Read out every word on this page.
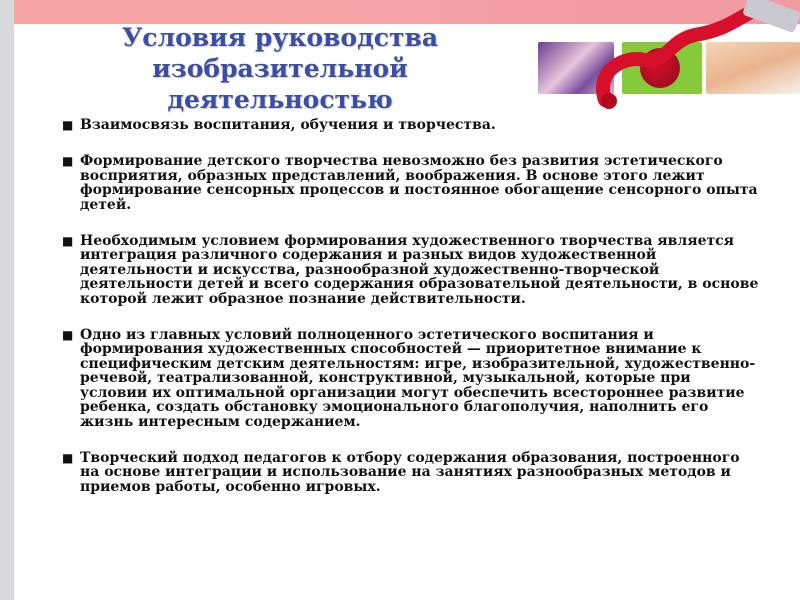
Условия руководства изобразительной деятельностью
■ Взаимосвязь воспитания, обучения и творчества.
■ Формирование детского творчества невозможно без развития эстетического восприятия, образных представлений, воображения. В основе этого лежит формирование сенсорных процессов и постоянное обогащение сенсорного опыта детей.
■ Необходимым условием формирования художественного творчества является интеграция различного содержания и разных видов художественной деятельности и искусства, разнообразной художественно-творческой деятельности детей и всего содержания образовательной деятельности, в основе которой лежит образное познание действительности.
■ Одно из главных условий полноценного эстетического воспитания и формирования художественных способностей — приоритетное внимание к специфическим детским деятельностям: игре, изобразительной, художественно-речевой, театрализованной, конструктивной, музыкальной, которые при условии их оптимальной организации могут обеспечить всестороннее развитие ребенка, создать обстановку эмоционального благополучия, наполнить его жизнь интересным содержанием.
■ Творческий подход педагогов к отбору содержания образования, построенного на основе интеграции и использование на занятиях разнообразных методов и приемов работы, особенно игровых.
